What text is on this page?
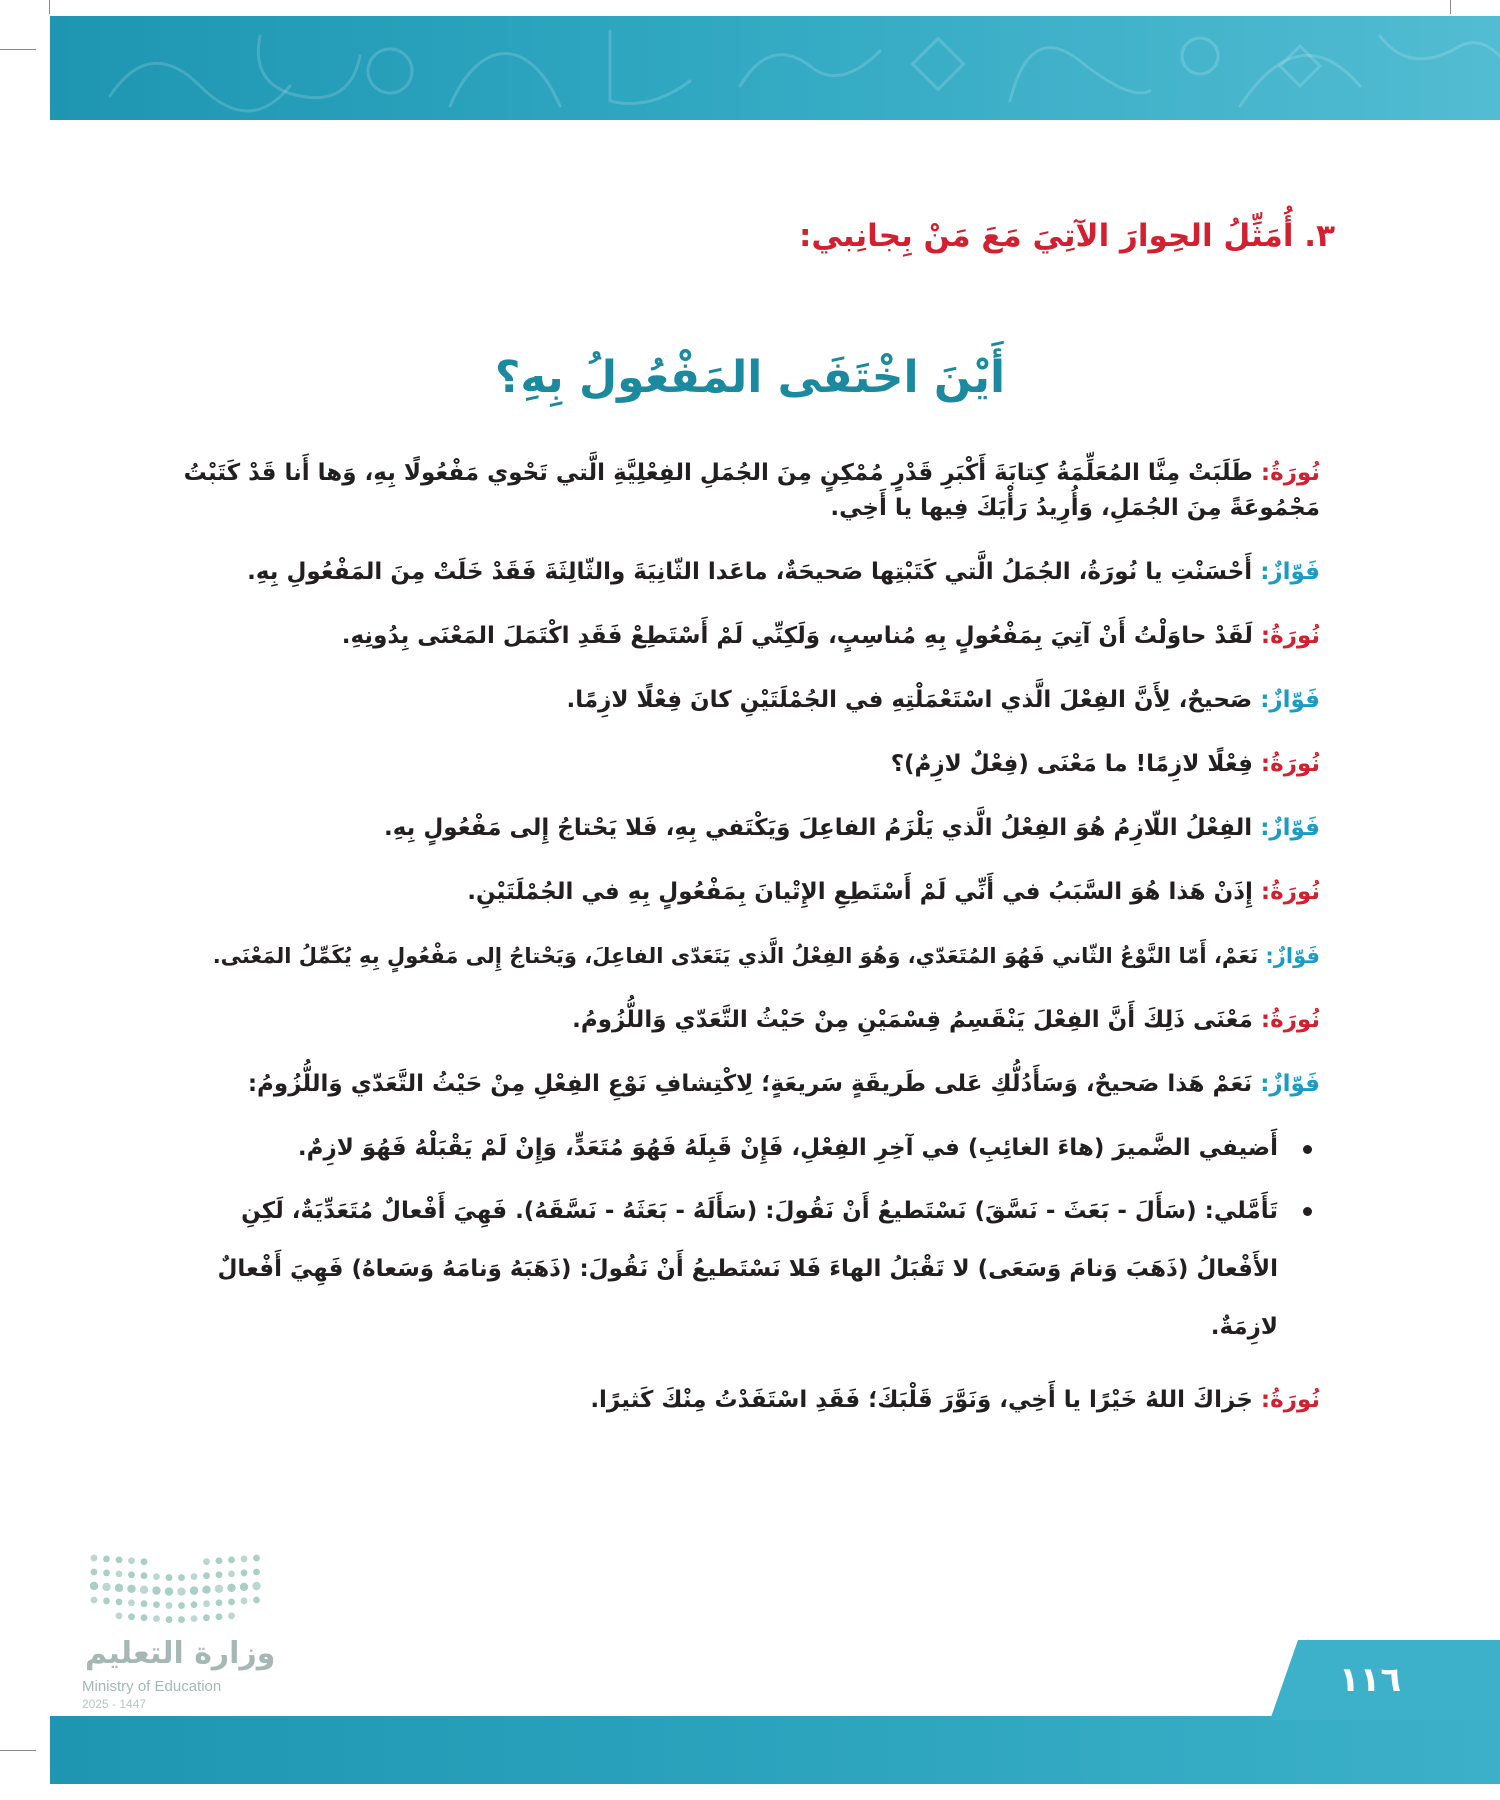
٣. أُمَثِّلُ الحِوارَ الآتِيَ مَعَ مَنْ بِجانِبي:

أَيْنَ اخْتَفَى المَفْعُولُ بِهِ؟

نُورَةُ: طَلَبَتْ مِنَّا المُعَلِّمَةُ كِتابَةَ أَكْبَرِ قَدْرٍ مُمْكِنٍ مِنَ الجُمَلِ الفِعْلِيَّةِ الَّتي تَحْوي مَفْعُولًا بِهِ، وَها أَنا قَدْ كَتَبْتُ مَجْمُوعَةً مِنَ الجُمَلِ، وَأُرِيدُ رَأْيَكَ فِيها يا أَخِي.

فَوّازٌ: أَحْسَنْتِ يا نُورَةُ، الجُمَلُ الَّتي كَتَبْتِها صَحيحَةٌ، ماعَدا الثّانِيَةَ والثّالِثَةَ فَقَدْ خَلَتْ مِنَ المَفْعُولِ بِهِ.

نُورَةُ: لَقَدْ حاوَلْتُ أَنْ آتِيَ بِمَفْعُولٍ بِهِ مُناسِبٍ، وَلَكِنِّي لَمْ أَسْتَطِعْ فَقَدِ اكْتَمَلَ المَعْنَى بِدُونِهِ.

فَوّازٌ: صَحيحٌ، لِأَنَّ الفِعْلَ الَّذي اسْتَعْمَلْتِهِ في الجُمْلَتَيْنِ كانَ فِعْلًا لازِمًا.

نُورَةُ: فِعْلًا لازِمًا! ما مَعْنَى (فِعْلٌ لازِمٌ)؟

فَوّازٌ: الفِعْلُ اللّازِمُ هُوَ الفِعْلُ الَّذي يَلْزَمُ الفاعِلَ وَيَكْتَفي بِهِ، فَلا يَحْتاجُ إِلى مَفْعُولٍ بِهِ.

نُورَةُ: إِذَنْ هَذا هُوَ السَّبَبُ في أَنِّي لَمْ أَسْتَطِعِ الإِتْيانَ بِمَفْعُولٍ بِهِ في الجُمْلَتَيْنِ.

فَوّازٌ: نَعَمْ، أَمّا النَّوْعُ الثّاني فَهُوَ المُتَعَدّي، وَهُوَ الفِعْلُ الَّذي يَتَعَدّى الفاعِلَ، وَيَحْتاجُ إِلى مَفْعُولٍ بِهِ يُكَمِّلُ المَعْنَى.

نُورَةُ: مَعْنَى ذَلِكَ أَنَّ الفِعْلَ يَنْقَسِمُ قِسْمَيْنِ مِنْ حَيْثُ التَّعَدّي وَاللُّزُومُ.

فَوّازٌ: نَعَمْ هَذا صَحيحٌ، وَسَأَدُلُّكِ عَلى طَريقَةٍ سَريعَةٍ؛ لِاكْتِشافِ نَوْعِ الفِعْلِ مِنْ حَيْثُ التَّعَدّي وَاللُّزُومُ:

أَضيفي الضَّميرَ (هاءَ الغائِبِ) في آخِرِ الفِعْلِ، فَإِنْ قَبِلَهُ فَهُوَ مُتَعَدٍّ، وَإِنْ لَمْ يَقْبَلْهُ فَهُوَ لازِمٌ.
تَأَمَّلي: (سَأَلَ - بَعَثَ - نَسَّقَ) نَسْتَطيعُ أَنْ نَقُولَ: (سَأَلَهُ - بَعَثَهُ - نَسَّقَهُ). فَهِيَ أَفْعالٌ مُتَعَدِّيَةٌ، لَكِنِ الأَفْعالُ (ذَهَبَ وَنامَ وَسَعَى) لا تَقْبَلُ الهاءَ فَلا نَسْتَطيعُ أَنْ نَقُولَ: (ذَهَبَهُ وَنامَهُ وَسَعاهُ) فَهِيَ أَفْعالٌ لازِمَةٌ.

نُورَةُ: جَزاكَ اللهُ خَيْرًا يا أَخِي، وَنَوَّرَ قَلْبَكَ؛ فَقَدِ اسْتَفَدْتُ مِنْكَ كَثيرًا.

وزارة التعليم

Ministry of Education

2025 - 1447

١١٦
